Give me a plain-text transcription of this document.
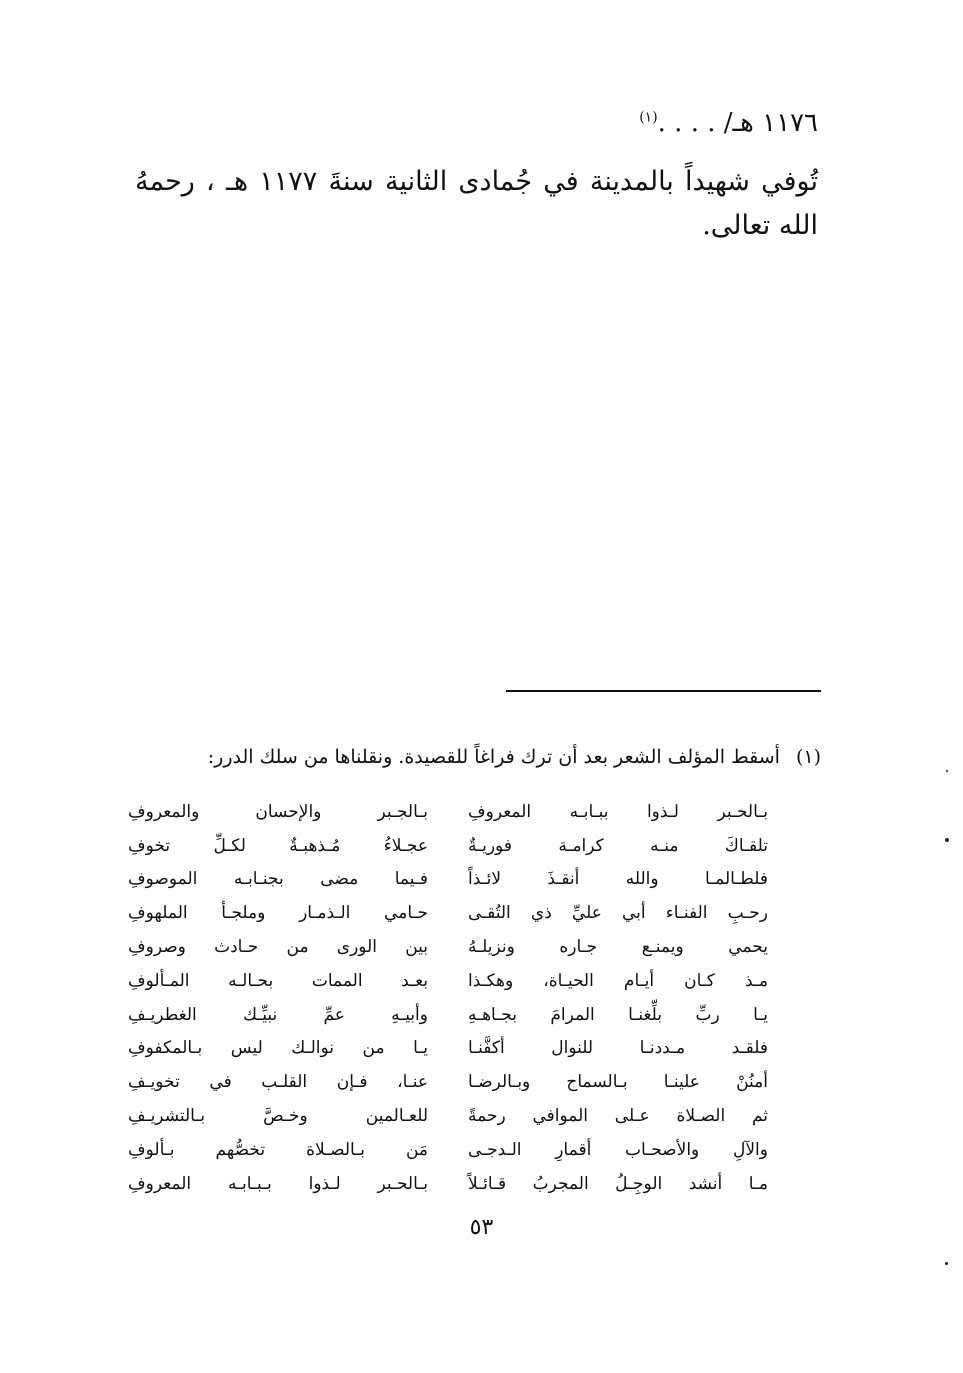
١١٧٦ هـ/ . . . .$^{(١)}$
تُوفي شهيداً بالمدينة في جُمادى الثانية سنةَ ١١٧٧ هـ ، رحمهُ الله تعالى.
(١)
أسقط المؤلف الشعر بعد أن ترك فراغاً للقصيدة. ونقلناها من سلك الدرر:
بـالحـبر لـذوا ببـابـه المعروفِ
بـالجـبر والإحسان والمعروفِ
تلقـاكَ منـه كرامـة فوريـةٌ
عجـلاءُ مُـذهبـةٌ لكـلِّ تخوفِ
فلطـالمـا والله أنقـذَ لائـذاً
فـيما مضى بجنـابـه الموصوفِ
رحـبِ الفنـاء أبي عليِّ ذي التُقـى
حـامي الـذمـار وملجـأ الملهوفِ
يحمي ويمنـع جـاره ونزيلـهُ
بين الورى من حـادث وصروفِ
مـذ كـان أيـام الحيـاة، وهكـذا
بعـد الممات بحـالـه المـألوفِ
يـا ربِّ بلِّغنـا المرامَ بجـاهـهِ
وأبيـهِ عمِّ نبيِّـك الغطريـفِ
فلقـد مـددنـا للنوال أكفَّنـا
يـا من نوالـك ليس بـالمكفوفِ
أمنُنْ علينـا بـالسماح وبـالرضـا
عنـا، فـإن القلـب في تخويـفِ
ثم الصـلاة عـلى الموافي رحمةً
للعـالمين وخـصَّ بـالتشريـفِ
والآلِ والأصحـاب أقمارِ الـدجـى
مَن بـالصـلاة تخصُّهم بـألوفِ
مـا أنشد الوجِـلُ المجربُ قـائـلاً
بـالحـبر لـذوا بـبـابـه المعروفِ
٥٣
